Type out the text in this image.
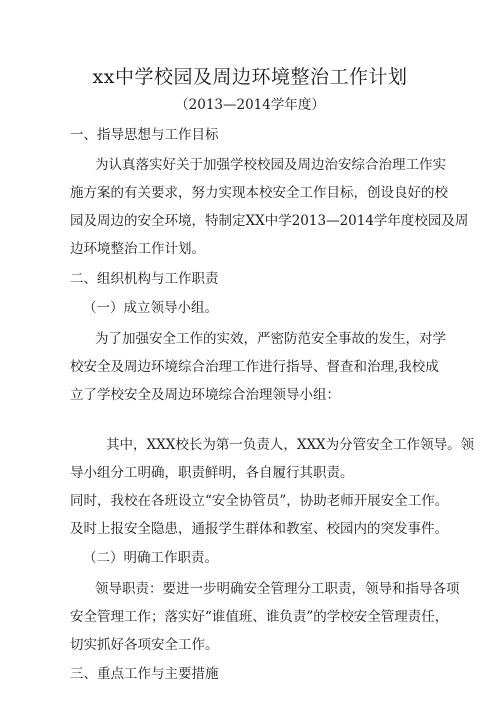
xx中学校园及周边环境整治工作计划
（2013—2014学年度）
一、指导思想与工作目标
为认真落实好关于加强学校校园及周边治安综合治理工作实
施方案的有关要求，努力实现本校安全工作目标，创设良好的校
园及周边的安全环境，特制定XX中学2013—2014学年度校园及周
边环境整治工作计划。
二、组织机构与工作职责
（一）成立领导小组。
为了加强安全工作的实效，严密防范安全事故的发生，对学
校安全及周边环境综合治理工作进行指导、督查和治理,我校成
立了学校安全及周边环境综合治理领导小组：
其中，XXX校长为第一负责人，XXX为分管安全工作领导。领
导小组分工明确，职责鲜明，各自履行其职责。
同时，我校在各班设立“安全协管员”，协助老师开展安全工作。
及时上报安全隐患，通报学生群体和教室、校园内的突发事件。
（二）明确工作职责。
领导职责：要进一步明确安全管理分工职责，领导和指导各项
安全管理工作；落实好“谁值班、谁负责”的学校安全管理责任，
切实抓好各项安全工作。
三、重点工作与主要措施
